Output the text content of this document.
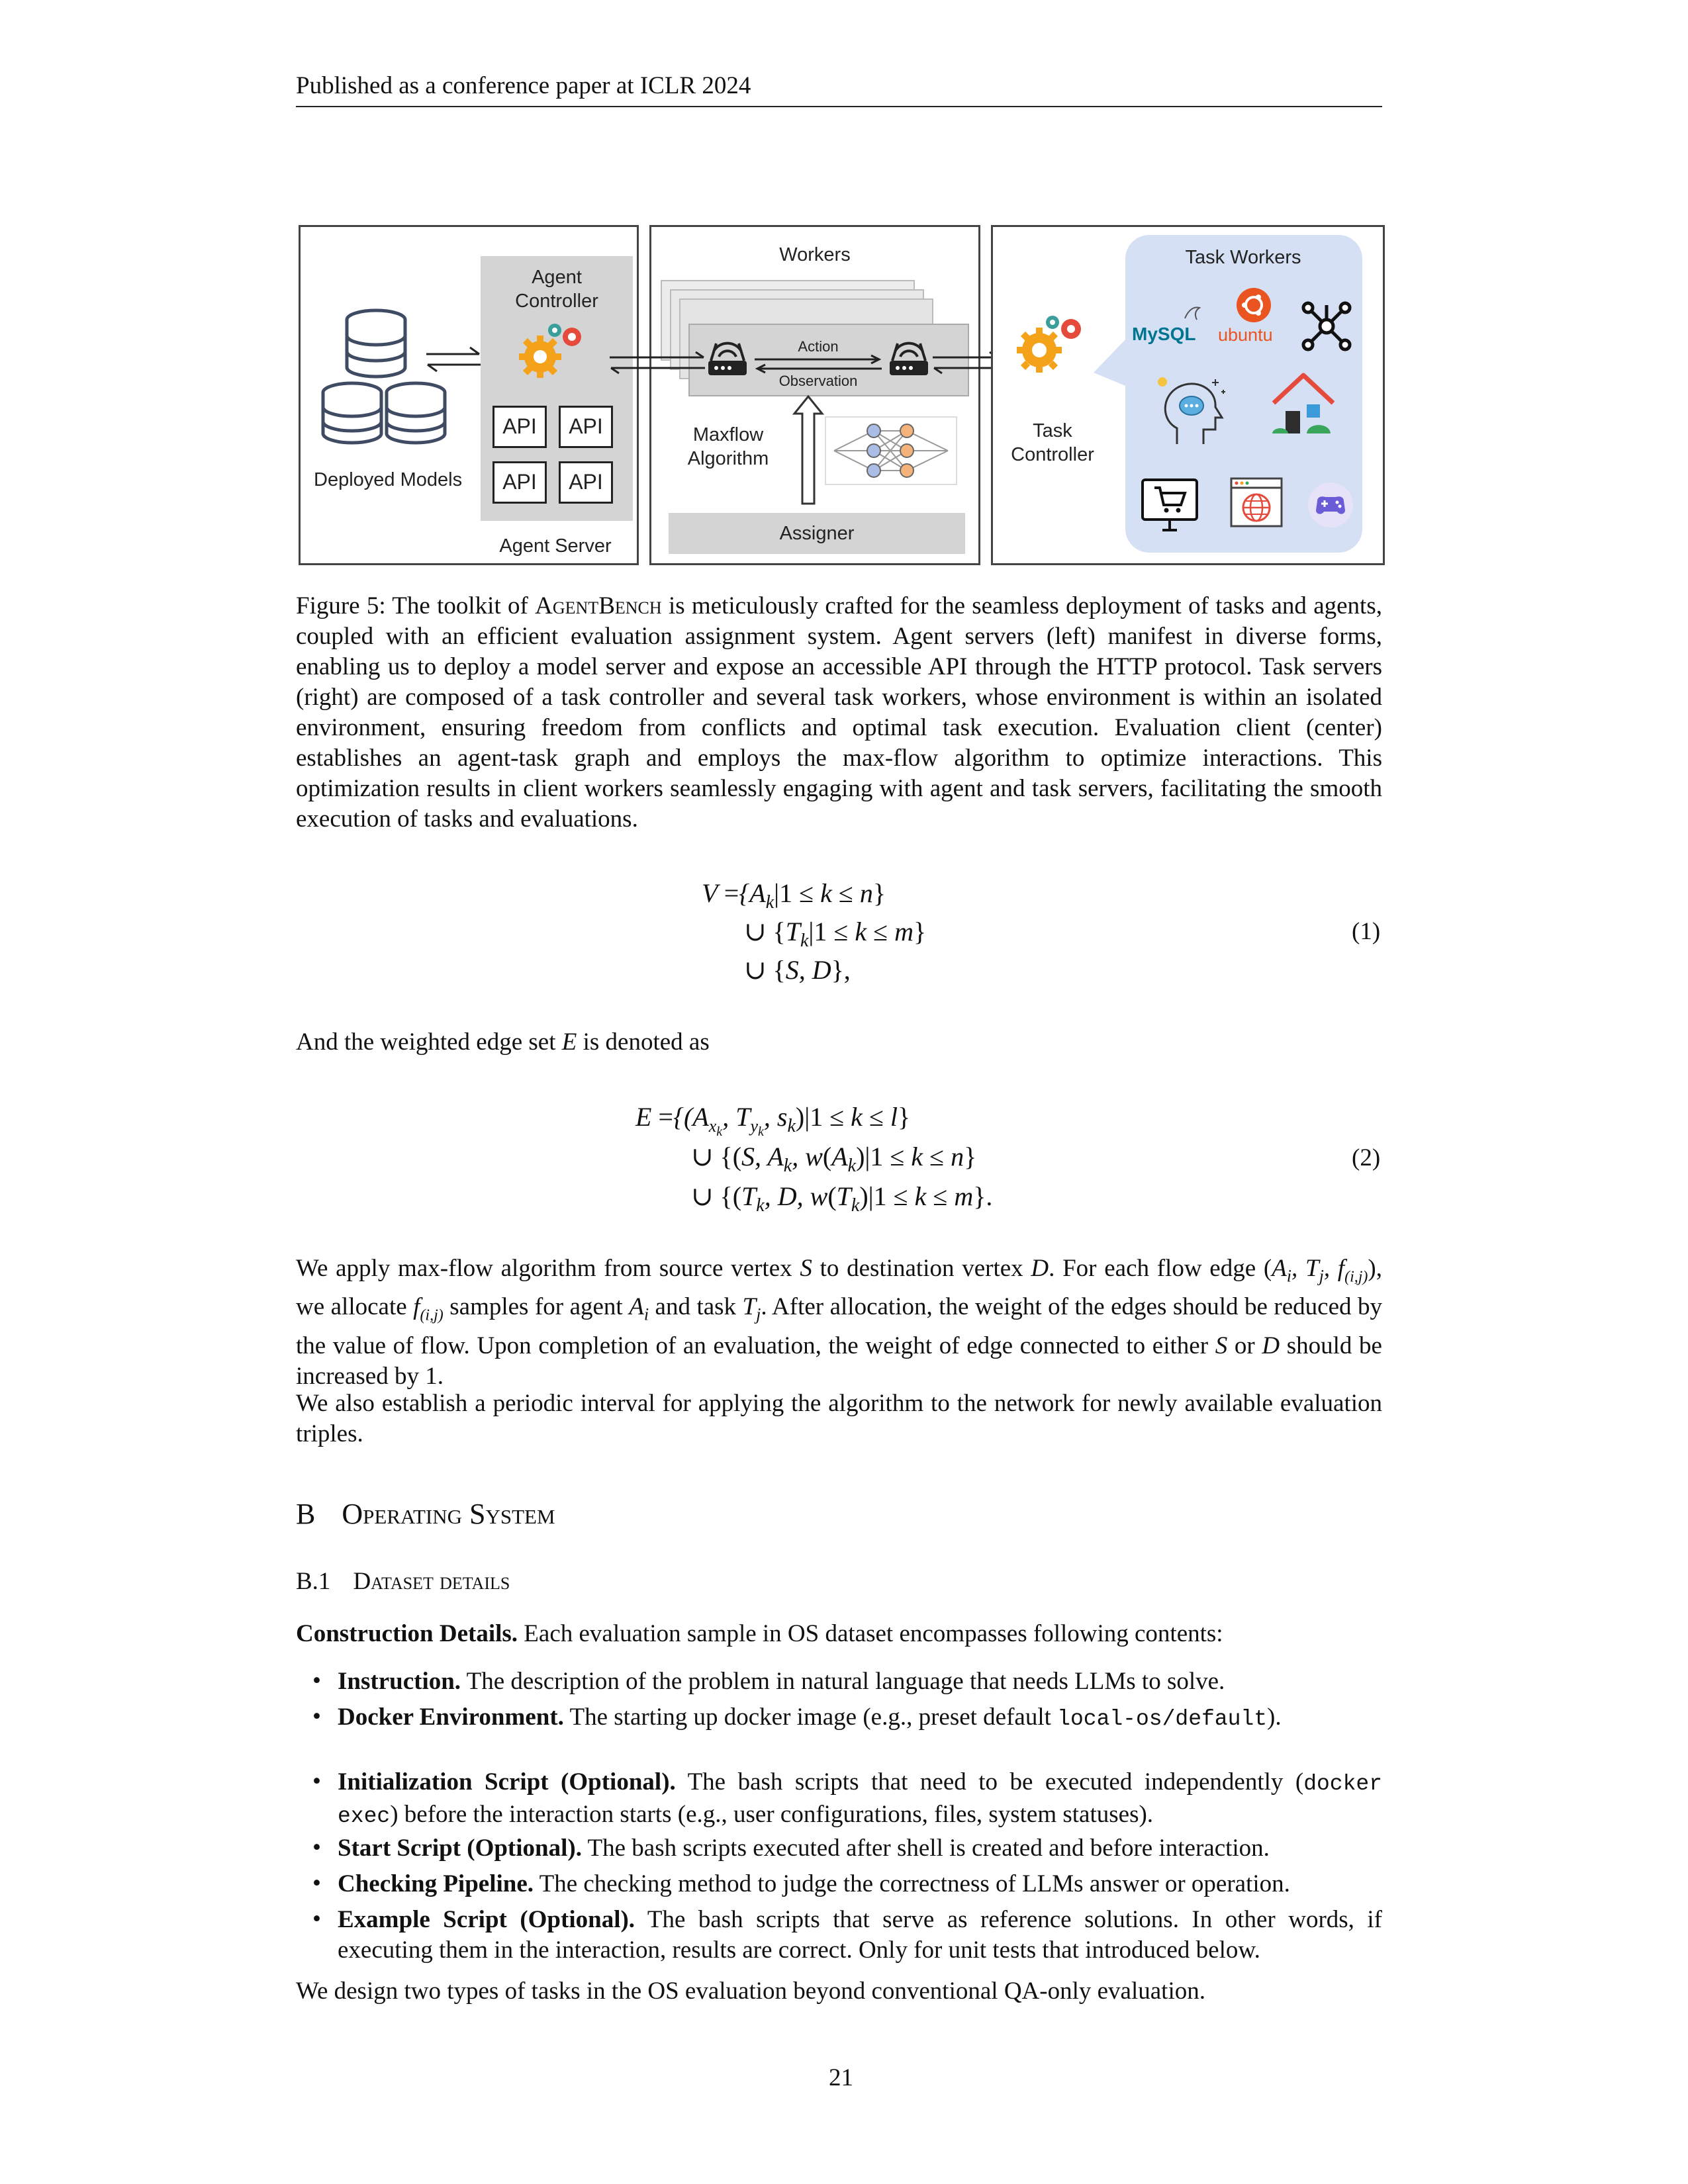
Published as a conference paper at ICLR 2024
Agent
Controller
API	API
API	API
Deployed Models
Agent Server
Workers
Action
Observation
Maxflow
Algorithm
Assigner
Task
Controller
Task Workers
MySQL ubuntu
Figure 5: The toolkit of AgentBench is meticulously crafted for the seamless deployment of tasks and agents, coupled with an efficient evaluation assignment system. Agent servers (left) manifest in diverse forms, enabling us to deploy a model server and expose an accessible API through the HTTP protocol. Task servers (right) are composed of a task controller and several task workers, whose environment is within an isolated environment, ensuring freedom from conflicts and optimal task execution. Evaluation client (center) establishes an agent-task graph and employs the max-flow algorithm to optimize interactions. This optimization results in client workers seamlessly engaging with agent and task servers, facilitating the smooth execution of tasks and evaluations.
$V =\{A_k|1 \le k \le n\}$
∪ $\{T_k|1 \le k \le m\}$
∪ {S, D},
(1)
And the weighted edge set E is denoted as
$E =\{(A_{x_k}$, $T_{y_k}$, $s_k)|1 \le k \le l$}
∪ {(S, $A_k$, $w(A_k)|1 \le k \le n$}
∪ {($T_k$, D, $w(T_k)|1 \le k \le m$}.
(2)
We apply max-flow algorithm from source vertex S to destination vertex D. For each flow edge ($A_i$, $T_j$, $f_{(i,j)}$), we allocate $f_{(i,j)}$ samples for agent $A_i$ and task $T_j$. After allocation, the weight of the edges should be reduced by the value of flow. Upon completion of an evaluation, the weight of edge connected to either S or D should be increased by 1.
We also establish a periodic interval for applying the algorithm to the network for newly available evaluation triples.
B Operating System
B.1 Dataset details
Construction Details. Each evaluation sample in OS dataset encompasses following contents:
• Instruction. The description of the problem in natural language that needs LLMs to solve.
• Docker Environment. The starting up docker image (e.g., preset default local-os/default).
• Initialization Script (Optional). The bash scripts that need to be executed independently (docker exec) before the interaction starts (e.g., user configurations, files, system statuses).
• Start Script (Optional). The bash scripts executed after shell is created and before interaction.
• Checking Pipeline. The checking method to judge the correctness of LLMs answer or operation.
• Example Script (Optional). The bash scripts that serve as reference solutions. In other words, if executing them in the interaction, results are correct. Only for unit tests that introduced below.
We design two types of tasks in the OS evaluation beyond conventional QA-only evaluation.
21
